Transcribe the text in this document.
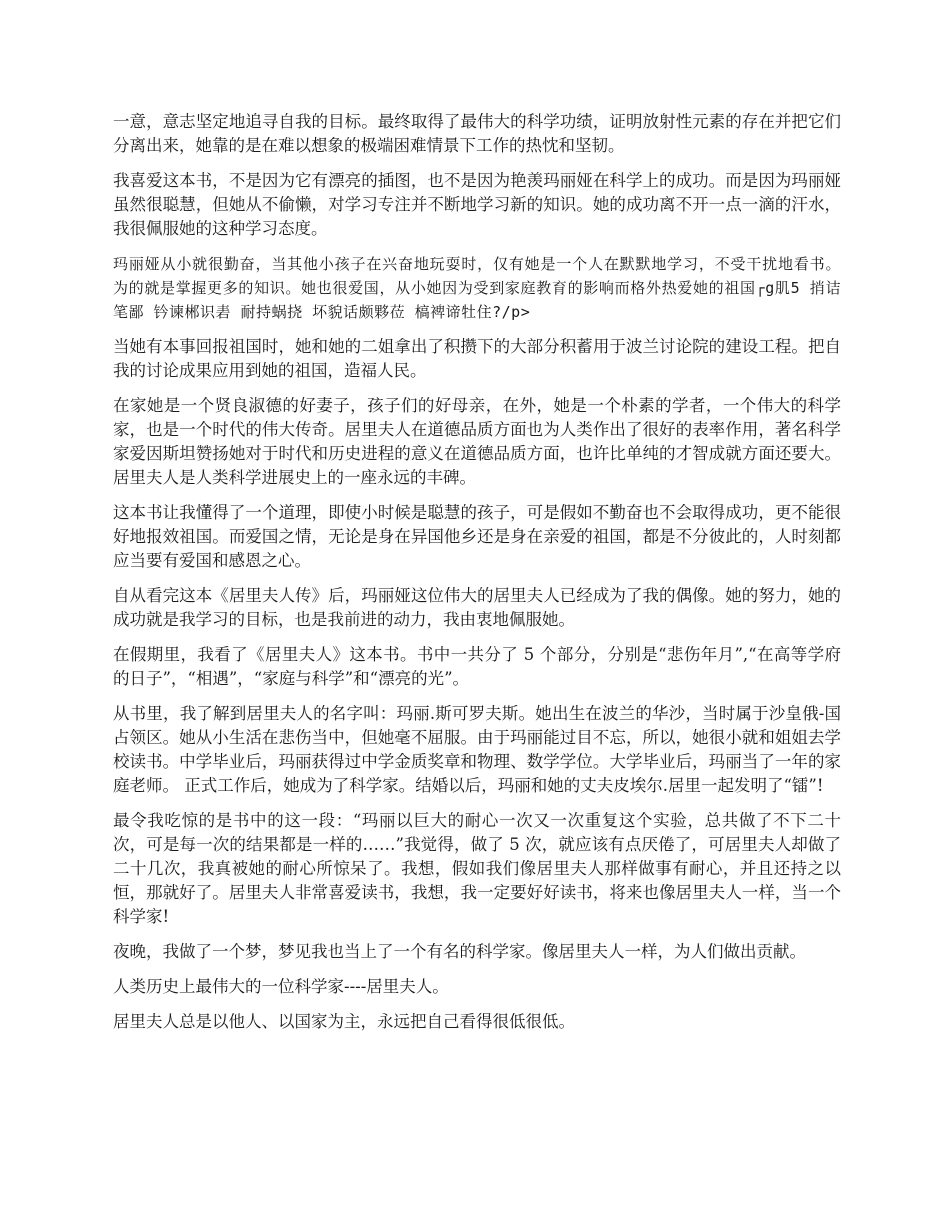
一意，意志坚定地追寻自我的目标。最终取得了最伟大的科学功绩，证明放射性元素的存在并把它们分离出来，她靠的是在难以想象的极端困难情景下工作的热忱和坚韧。

我喜爱这本书，不是因为它有漂亮的插图，也不是因为艳羡玛丽娅在科学上的成功。而是因为玛丽娅虽然很聪慧，但她从不偷懒，对学习专注并不断地学习新的知识。她的成功离不开一点一滴的汗水，我很佩服她的这种学习态度。

玛丽娅从小就很勤奋，当其他小孩子在兴奋地玩耍时，仅有她是一个人在默默地学习，不受干扰地看书。为的就是掌握更多的知识。她也很爱国，从小她因为受到家庭教育的影响而格外热爱她的祖国┌g肌5 捎诘笔鄙 钤谏郴识砉 耐持蜗挠 坏貌话颇夥莅 槁裨谛牡住?/p>

当她有本事回报祖国时，她和她的二姐拿出了积攒下的大部分积蓄用于波兰讨论院的建设工程。把自我的讨论成果应用到她的祖国，造福人民。

在家她是一个贤良淑德的好妻子，孩子们的好母亲，在外，她是一个朴素的学者，一个伟大的科学家，也是一个时代的伟大传奇。居里夫人在道德品质方面也为人类作出了很好的表率作用，著名科学家爱因斯坦赞扬她对于时代和历史进程的意义在道德品质方面，也许比单纯的才智成就方面还要大。居里夫人是人类科学进展史上的一座永远的丰碑。

这本书让我懂得了一个道理，即使小时候是聪慧的孩子，可是假如不勤奋也不会取得成功，更不能很好地报效祖国。而爱国之情，无论是身在异国他乡还是身在亲爱的祖国，都是不分彼此的，人时刻都应当要有爱国和感恩之心。

自从看完这本《居里夫人传》后，玛丽娅这位伟大的居里夫人已经成为了我的偶像。她的努力，她的成功就是我学习的目标，也是我前进的动力，我由衷地佩服她。

在假期里，我看了《居里夫人》这本书。书中一共分了 5 个部分，分别是“悲伤年月”,“在高等学府的日子”，“相遇”，“家庭与科学”和“漂亮的光”。

从书里，我了解到居里夫人的名字叫：玛丽.斯可罗夫斯。她出生在波兰的华沙，当时属于沙皇俄-国占领区。她从小生活在悲伤当中，但她毫不屈服。由于玛丽能过目不忘，所以，她很小就和姐姐去学校读书。中学毕业后，玛丽获得过中学金质奖章和物理、数学学位。大学毕业后，玛丽当了一年的家庭老师。 正式工作后，她成为了科学家。结婚以后，玛丽和她的丈夫皮埃尔.居里一起发明了“镭”!

最令我吃惊的是书中的这一段：“玛丽以巨大的耐心一次又一次重复这个实验，总共做了不下二十次，可是每一次的结果都是一样的……”我觉得，做了 5 次，就应该有点厌倦了，可居里夫人却做了二十几次，我真被她的耐心所惊呆了。我想，假如我们像居里夫人那样做事有耐心，并且还持之以恒，那就好了。居里夫人非常喜爱读书，我想，我一定要好好读书，将来也像居里夫人一样，当一个科学家!

夜晚，我做了一个梦，梦见我也当上了一个有名的科学家。像居里夫人一样，为人们做出贡献。

人类历史上最伟大的一位科学家----居里夫人。

居里夫人总是以他人、以国家为主，永远把自己看得很低很低。
